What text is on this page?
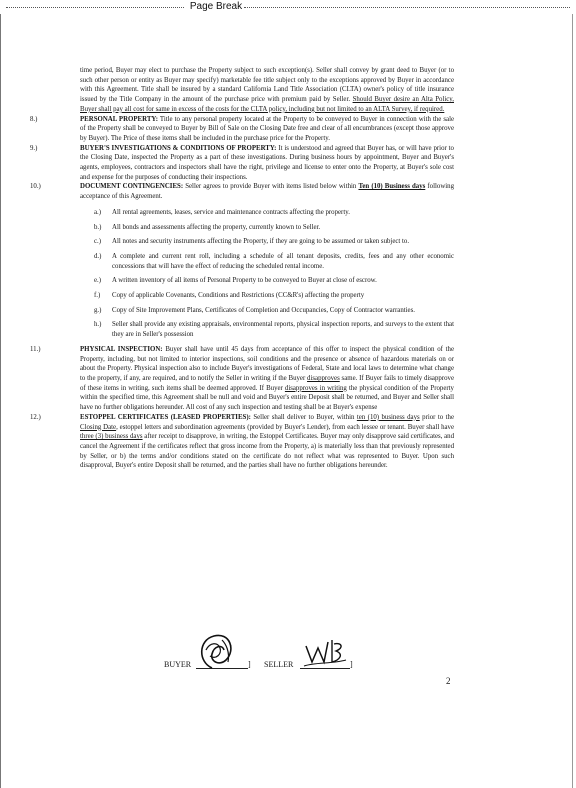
Page Break
time period, Buyer may elect to purchase the Property subject to such exception(s). Seller shall convey by grant deed to Buyer (or to such other person or entity as Buyer may specify) marketable fee title subject only to the exceptions approved by Buyer in accordance with this Agreement. Title shall be insured by a standard California Land Title Association (CLTA) owner's policy of title insurance issued by the Title Company in the amount of the purchase price with premium paid by Seller. Should Buyer desire an Alta Policy, Buyer shall pay all cost for same in excess of the costs for the CLTA policy, including but not limited to an ALTA Survey, if required.
8.)	PERSONAL PROPERTY: Title to any personal property located at the Property to be conveyed to Buyer in connection with the sale of the Property shall be conveyed to Buyer by Bill of Sale on the Closing Date free and clear of all encumbrances (except those approve by Buyer). The Price of these items shall be included in the purchase price for the Property.
9.)	BUYER'S INVESTIGATIONS & CONDITIONS OF PROPERTY: It is understood and agreed that Buyer has, or will have prior to the Closing Date, inspected the Property as a part of these investigations. During business hours by appointment, Buyer and Buyer's agents, employees, contractors and inspectors shall have the right, privilege and license to enter onto the Property, at Buyer's sole cost and expense for the purposes of conducting their inspections.
10.)	DOCUMENT CONTINGENCIES: Seller agrees to provide Buyer with items listed below within Ten (10) Business days following acceptance of this Agreement.
a.) All rental agreements, leases, service and maintenance contracts affecting the property.
b.) All bonds and assessments affecting the property, currently known to Seller.
c.) All notes and security instruments affecting the Property, if they are going to be assumed or taken subject to.
d.) A complete and current rent roll, including a schedule of all tenant deposits, credits, fees and any other economic concessions that will have the effect of reducing the scheduled rental income.
e.) A written inventory of all items of Personal Property to be conveyed to Buyer at close of escrow.
f.) Copy of applicable Covenants, Conditions and Restrictions (CC&R's) affecting the property
g.) Copy of Site Improvement Plans, Certificates of Completion and Occupancies, Copy of Contractor warranties.
h.) Seller shall provide any existing appraisals, environmental reports, physical inspection reports, and surveys to the extent that they are in Seller's possession
11.)	PHYSICAL INSPECTION: Buyer shall have until 45 days from acceptance of this offer to inspect the physical condition of the Property, including, but not limited to interior inspections, soil conditions and the presence or absence of hazardous materials on or about the Property. Physical inspection also to include Buyer's investigations of Federal, State and local laws to determine what change to the property, if any, are required, and to notify the Seller in writing if the Buyer disapproves same. If Buyer fails to timely disapprove of these items in writing, such items shall be deemed approved. If Buyer disapproves in writing the physical condition of the Property within the specified time, this Agreement shall be null and void and Buyer's entire Deposit shall be returned, and Buyer and Seller shall have no further obligations hereunder. All cost of any such inspection and testing shall be at Buyer's expense
12.)	ESTOPPEL CERTIFICATES (LEASED PROPERTIES): Seller shall deliver to Buyer, within ten (10) business days prior to the Closing Date, estoppel letters and subordination agreements (provided by Buyer's Lender), from each lessee or tenant. Buyer shall have three (3) business days after receipt to disapprove, in writing, the Estoppel Certificates. Buyer may only disapprove said certificates, and cancel the Agreement if the certificates reflect that gross income from the Property, a) is materially less than that previously represented by Seller, or b) the terms and/or conditions stated on the certificate do not reflect what was represented to Buyer. Upon such disapproval, Buyer's entire Deposit shall be returned, and the parties shall have no further obligations hereunder.
BUYER	] SELLER	]
2
